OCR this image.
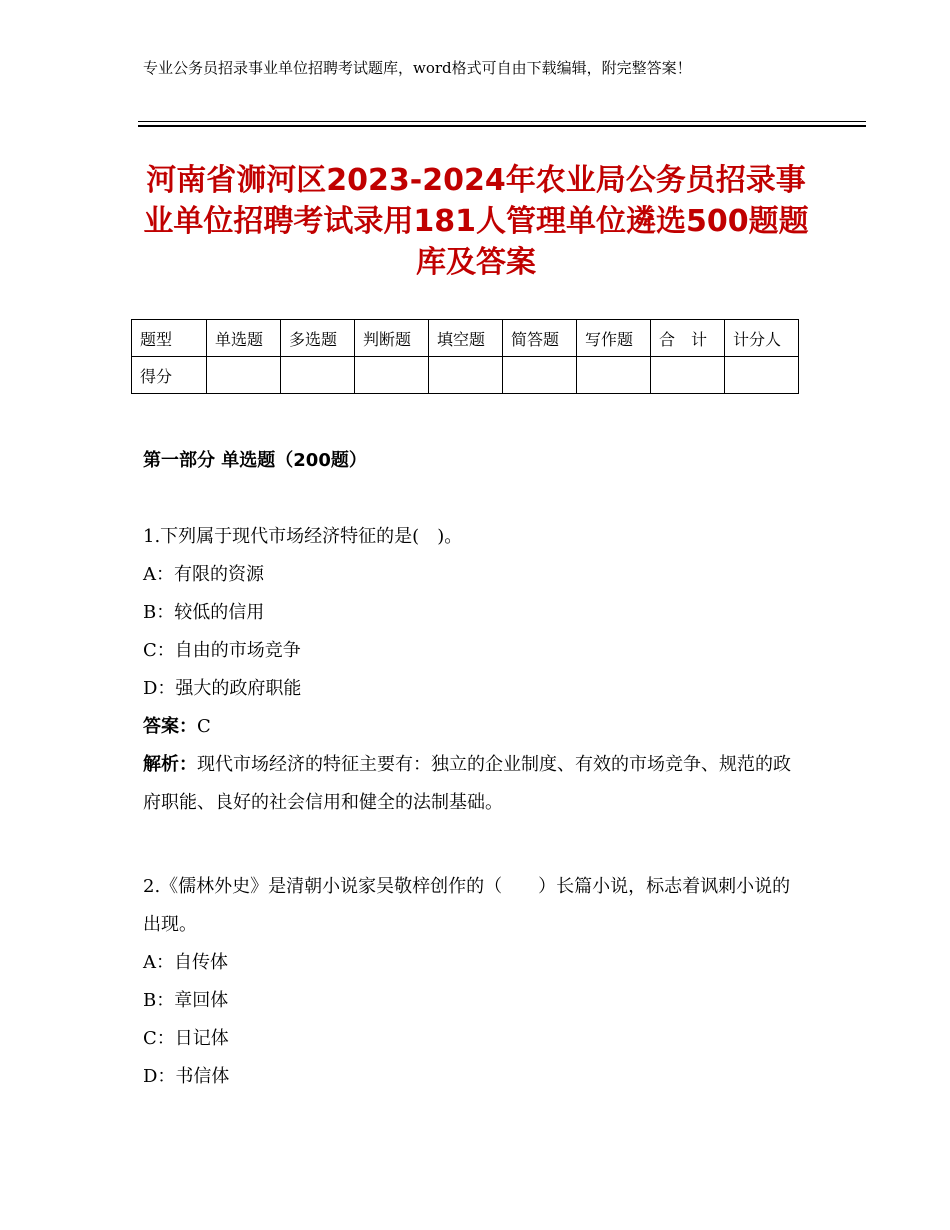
专业公务员招录事业单位招聘考试题库，word格式可自由下载编辑，附完整答案！
河南省浉河区2023-2024年农业局公务员招录事业单位招聘考试录用181人管理单位遴选500题题库及答案
题型	单选题	多选题	判断题	填空题	简答题	写作题	合　计	计分人
得分								
第一部分 单选题（200题）
1.下列属于现代市场经济特征的是(　)。
A：有限的资源
B：较低的信用
C：自由的市场竞争
D：强大的政府职能
答案：C
解析：现代市场经济的特征主要有：独立的企业制度、有效的市场竞争、规范的政府职能、良好的社会信用和健全的法制基础。
2.《儒林外史》是清朝小说家吴敬梓创作的（　　）长篇小说，标志着讽刺小说的出现。
A：自传体
B：章回体
C：日记体
D：书信体
